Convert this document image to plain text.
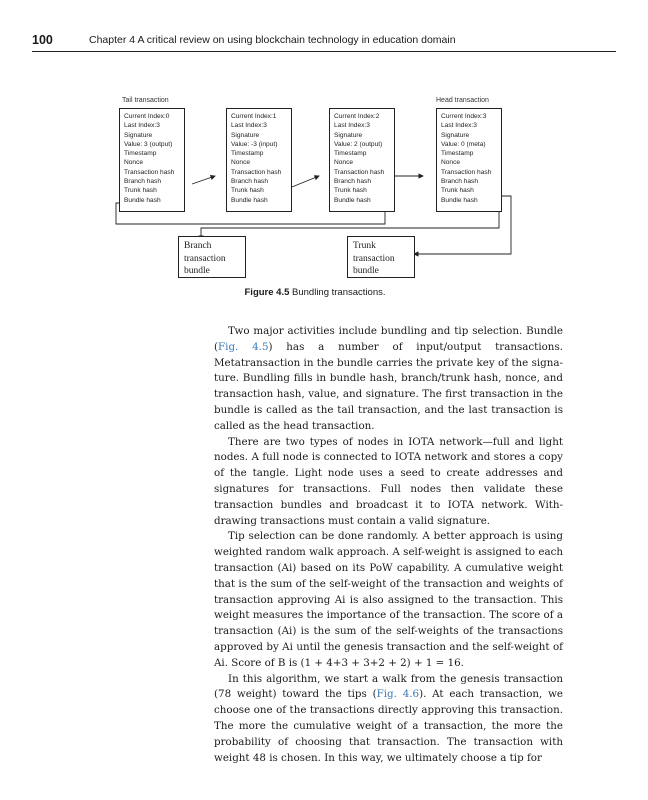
100	Chapter 4 A critical review on using blockchain technology in education domain
Tail transaction	Head transaction
Current Index:0
Last Index:3
Signature
Value: 3 (output)
Timestamp
Nonce
Transaction hash
Branch hash
Trunk hash
Bundle hash
Current Index:1
Last Index:3
Signature
Value: -3 (input)
Timestamp
Nonce
Transaction hash
Branch hash
Trunk hash
Bundle hash
Current Index:2
Last Index:3
Signature
Value: 2 (output)
Timestamp
Nonce
Transaction hash
Branch hash
Trunk hash
Bundle hash
Current Index:3
Last Index:3
Signature
Value: 0 (meta)
Timestamp
Nonce
Transaction hash
Branch hash
Trunk hash
Bundle hash
Branch
transaction
bundle
Trunk
transaction
bundle
Figure 4.5 Bundling transactions.

Two major activities include bundling and tip selection. Bundle (Fig. 4.5) has a number of input/output transactions. Metatransaction in the bundle carries the private key of the signature. Bundling fills in bundle hash, branch/trunk hash, nonce, and transaction hash, value, and signature. The first transaction in the bundle is called as the tail transaction, and the last transaction is called as the head transaction.

There are two types of nodes in IOTA network—full and light nodes. A full node is connected to IOTA network and stores a copy of the tangle. Light node uses a seed to create addresses and signatures for transactions. Full nodes then validate these transaction bundles and broadcast it to IOTA network. Withdrawing transactions must contain a valid signature.

Tip selection can be done randomly. A better approach is using weighted random walk approach. A self-weight is assigned to each transaction (Ai) based on its PoW capability. A cumulative weight that is the sum of the self-weight of the transaction and weights of transaction approving Ai is also assigned to the transaction. This weight measures the importance of the transaction. The score of a transaction (Ai) is the sum of the self-weights of the transactions approved by Ai until the genesis transaction and the self-weight of Ai. Score of B is (1 + 4+3 + 3+2 + 2) + 1 = 16.

In this algorithm, we start a walk from the genesis transaction (78 weight) toward the tips (Fig. 4.6). At each transaction, we choose one of the transactions directly approving this transaction. The more the cumulative weight of a transaction, the more the probability of choosing that transaction. The transaction with weight 48 is chosen. In this way, we ultimately choose a tip for
